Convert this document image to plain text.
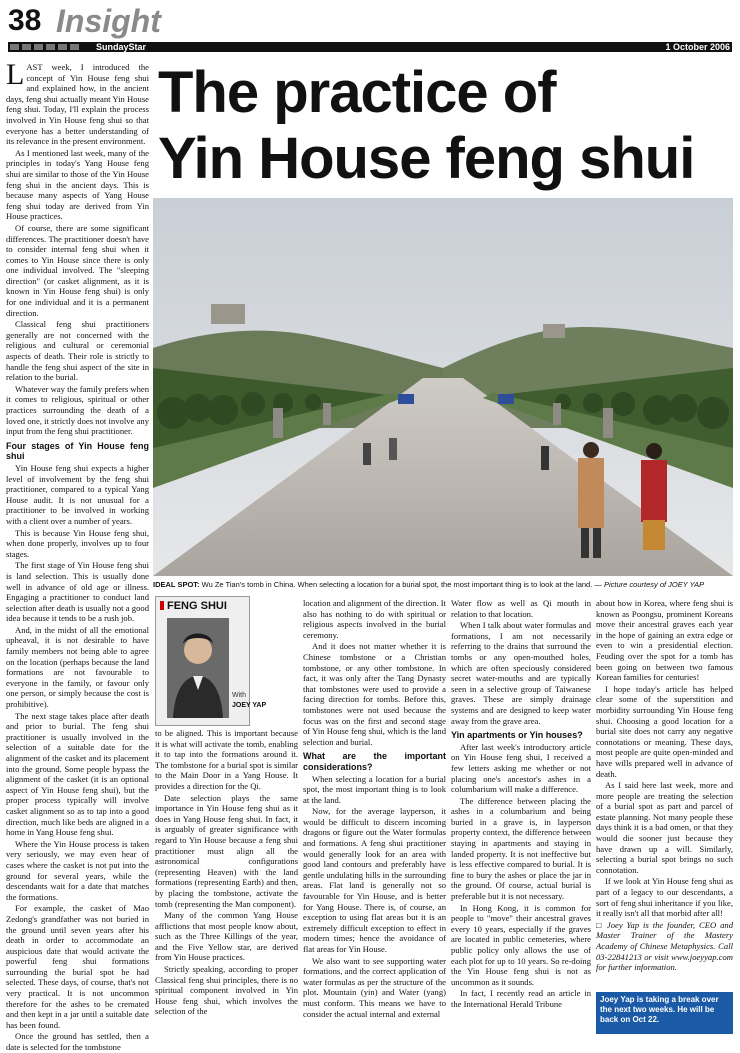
38 Insight
SundayStar	1 October 2006
The practice of
Yin House feng shui

LAST week, I introduced the concept of Yin House feng shui and explained how, in the ancient days, feng shui actually meant Yin House feng shui. Today, I'll explain the process involved in Yin House feng shui so that everyone has a better understanding of its relevance in the present environment.

As I mentioned last week, many of the principles in today's Yang House feng shui are similar to those of the Yin House feng shui in the ancient days. This is because many aspects of Yang House feng shui today are derived from Yin House practices.

Of course, there are some significant differences. The practitioner doesn't have to consider internal feng shui when it comes to Yin House since there is only one individual involved. The "sleeping direction" (or casket alignment, as it is known in Yin House feng shui) is only for one individual and it is a permanent direction.

Classical feng shui practitioners generally are not concerned with the religious and cultural or ceremonial aspects of death. Their role is strictly to handle the feng shui aspect of the site in relation to the burial.

Whatever way the family prefers when it comes to religious, spiritual or other practices surrounding the death of a loved one, it strictly does not involve any input from the feng shui practitioner.

Four stages of Yin House feng shui

Yin House feng shui expects a higher level of involvement by the feng shui practitioner, compared to a typical Yang House audit. It is not unusual for a practitioner to be involved in working with a client over a number of years.

This is because Yin House feng shui, when done properly, involves up to four stages.

The first stage of Yin House feng shui is land selection. This is usually done well in advance of old age or illness. Engaging a practitioner to conduct land selection after death is usually not a good idea because it tends to be a rush job.

And, in the midst of all the emotional upheaval, it is not desirable to have family members not being able to agree on the location (perhaps because the land formations are not favourable to everyone in the family, or favour only one person, or simply because the cost is prohibitive).

The next stage takes place after death and prior to burial. The feng shui practitioner is usually involved in the selection of a suitable date for the alignment of the casket and its placement into the ground. Some people bypass the alignment of the casket (it is an optional aspect of Yin House feng shui), but the proper process typically will involve casket alignment so as to tap into a good direction, much like beds are aligned in a home in Yang House feng shui.

Where the Yin House process is taken very seriously, we may even hear of cases where the casket is not put into the ground for several years, while the descendants wait for a date that matches the formations.

For example, the casket of Mao Zedong's grandfather was not buried in the ground until seven years after his death in order to accommodate an auspicious date that would activate the powerful feng shui formations surrounding the burial spot he had selected. These days, of course, that's not very practical. It is not uncommon therefore for the ashes to be cremated and then kept in a jar until a suitable date has been found.

Once the ground has settled, then a date is selected for the tombstone

IDEAL SPOT: Wu Ze Tian's tomb in China. When selecting a location for a burial spot, the most important thing is to look at the land. — Picture courtesy of JOEY YAP
FENG SHUI
With
JOEY YAP

to be aligned. This is important because it is what will activate the tomb, enabling it to tap into the formations around it. The tombstone for a burial spot is similar to the Main Door in a Yang House. It provides a direction for the Qi.

Date selection plays the same importance in Yin House feng shui as it does in Yang House feng shui. In fact, it is arguably of greater significance with regard to Yin House because a feng shui practitioner must align all the astronomical configurations (representing Heaven) with the land formations (representing Earth) and then, by placing the tombstone, activate the tomb (representing the Man component).

Many of the common Yang House afflictions that most people know about, such as the Three Killings of the year, and the Five Yellow star, are derived from Yin House practices.

Strictly speaking, according to proper Classical feng shui principles, there is no spiritual component involved in Yin House feng shui, which involves the selection of the

location and alignment of the direction. It also has nothing to do with spiritual or religious aspects involved in the burial ceremony.

And it does not matter whether it is Chinese tombstone or a Christian tombstone, or any other tombstone. In fact, it was only after the Tang Dynasty that tombstones were used to provide a facing direction for tombs. Before this, tombstones were not used because the focus was on the first and second stage of Yin House feng shui, which is the land selection and burial.

What are the important considerations?

When selecting a location for a burial spot, the most important thing is to look at the land.

Now, for the average layperson, it would be difficult to discern incoming dragons or figure out the Water formulas and formations. A feng shui practitioner would generally look for an area with good land contours and preferably have gentle undulating hills in the surrounding areas. Flat land is generally not so favourable for Yin House, and is better for Yang House. There is, of course, an exception to using flat areas but it is an extremely difficult exception to effect in modern times; hence the avoidance of flat areas for Yin House.

We also want to see supporting water formations, and the correct application of water formulas as per the structure of the plot. Mountain (yin) and Water (yang) must conform. This means we have to consider the actual internal and external

Water flow as well as Qi mouth in relation to that location.

When I talk about water formulas and formations, I am not necessarily referring to the drains that surround the tombs or any open-mouthed holes, which are often speciously considered secret water-mouths and are typically seen in a selective group of Taiwanese graves. These are simply drainage systems and are designed to keep water away from the grave area.

Yin apartments or Yin houses?

After last week's introductory article on Yin House feng shui, I received a few letters asking me whether or not placing one's ancestor's ashes in a columbarium will make a difference.

The difference between placing the ashes in a columbarium and being buried in a grave is, in layperson property context, the difference between staying in apartments and staying in landed property. It is not ineffective but is less effective compared to burial. It is fine to bury the ashes or place the jar in the ground. Of course, actual burial is preferable but it is not necessary.

In Hong Kong, it is common for people to "move" their ancestral graves every 10 years, especially if the graves are located in public cemeteries, where public policy only allows the use of each plot for up to 10 years. So re-doing the Yin House feng shui is not as uncommon as it sounds.

In fact, I recently read an article in the International Herald Tribune

about how in Korea, where feng shui is known as Poongsu, prominent Koreans move their ancestral graves each year in the hope of gaining an extra edge or even to win a presidential election. Feuding over the spot for a tomb has been going on between two famous Korean families for centuries!

I hope today's article has helped clear some of the superstition and morbidity surrounding Yin House feng shui. Choosing a good location for a burial site does not carry any negative connotations or meaning. These days, most people are quite open-minded and have wills prepared well in advance of death.

As I said here last week, more and more people are treating the selection of a burial spot as part and parcel of estate planning. Not many people these days think it is a bad omen, or that they would die sooner just because they have drawn up a will. Similarly, selecting a burial spot brings no such connotation.

If we look at Yin House feng shui as part of a legacy to our descendants, a sort of feng shui inheritance if you like, it really isn't all that morbid after all!

□ Joey Yap is the founder, CEO and Master Trainer of the Mastery Academy of Chinese Metaphysics. Call 03-22841213 or visit www.joeyyap.com for further information.

Joey Yap is taking a break over the next two weeks. He will be back on Oct 22.
